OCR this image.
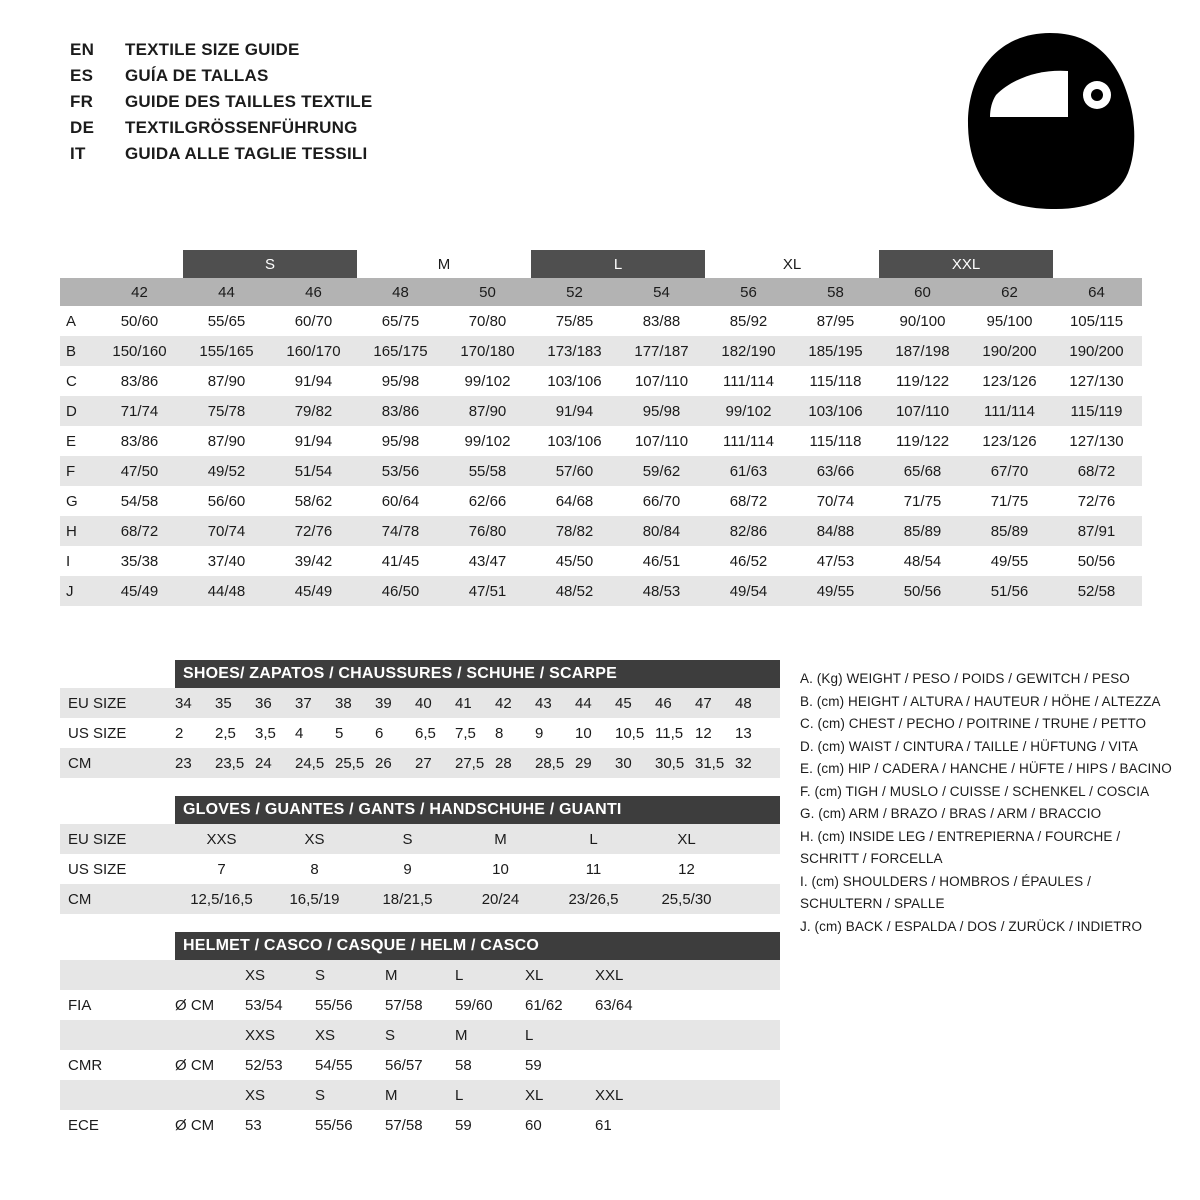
EN	TEXTILE SIZE GUIDE
ES	GUÍA DE TALLAS
FR	GUIDE DES TAILLES TEXTILE
DE	TEXTILGRÖSSENFÜHRUNG
IT	GUIDA ALLE TAGLIE TESSILI
S	M	L	XL	XXL
42	44	46	48	50	52	54	56	58	60	62	64
A	50/60	55/65	60/70	65/75	70/80	75/85	83/88	85/92	87/95	90/100	95/100	105/115
B	150/160	155/165	160/170	165/175	170/180	173/183	177/187	182/190	185/195	187/198	190/200	190/200
C	83/86	87/90	91/94	95/98	99/102	103/106	107/110	111/114	115/118	119/122	123/126	127/130
D	71/74	75/78	79/82	83/86	87/90	91/94	95/98	99/102	103/106	107/110	111/114	115/119
E	83/86	87/90	91/94	95/98	99/102	103/106	107/110	111/114	115/118	119/122	123/126	127/130
F	47/50	49/52	51/54	53/56	55/58	57/60	59/62	61/63	63/66	65/68	67/70	68/72
G	54/58	56/60	58/62	60/64	62/66	64/68	66/70	68/72	70/74	71/75	71/75	72/76
H	68/72	70/74	72/76	74/78	76/80	78/82	80/84	82/86	84/88	85/89	85/89	87/91
I	35/38	37/40	39/42	41/45	43/47	45/50	46/51	46/52	47/53	48/54	49/55	50/56
J	45/49	44/48	45/49	46/50	47/51	48/52	48/53	49/54	49/55	50/56	51/56	52/58
SHOES/ ZAPATOS / CHAUSSURES / SCHUHE / SCARPE
EU SIZE	34	35	36	37	38	39	40	41	42	43	44	45	46	47	48
US SIZE	2	2,5	3,5	4	5	6	6,5	7,5	8	9	10	10,5 11,5 12	13
CM	23	23,5 24	24,5 25,5 26	27	27,5 28	28,5 29	30	30,5 31,5 32
GLOVES / GUANTES / GANTS / HANDSCHUHE / GUANTI
EU SIZE	XXS	XS	S	M	L	XL
US SIZE	7	8	9	10	11	12
CM	12,5/16,5	16,5/19	18/21,5	20/24	23/26,5	25,5/30
HELMET / CASCO / CASQUE / HELM / CASCO
XS	S	M	L	XL	XXL
FIA	Ø CM	53/54	55/56	57/58	59/60	61/62	63/64
XXS	XS	S	M	L
CMR	Ø CM	52/53	54/55	56/57	58	59
XS	S	M	L	XL	XXL
ECE	Ø CM	53	55/56	57/58	59	60	61
A. (Kg) WEIGHT / PESO / POIDS / GEWITCH / PESO
B. (cm) HEIGHT / ALTURA / HAUTEUR / HÖHE / ALTEZZA
C. (cm) CHEST / PECHO / POITRINE / TRUHE / PETTO
D. (cm) WAIST / CINTURA / TAILLE / HÜFTUNG / VITA
E. (cm) HIP / CADERA / HANCHE / HÜFTE / HIPS / BACINO
F. (cm) TIGH / MUSLO / CUISSE / SCHENKEL / COSCIA
G. (cm) ARM / BRAZO / BRAS / ARM / BRACCIO
H. (cm) INSIDE LEG / ENTREPIERNA / FOURCHE /
SCHRITT / FORCELLA
I. (cm) SHOULDERS / HOMBROS / ÉPAULES /
SCHULTERN / SPALLE
J. (cm) BACK / ESPALDA / DOS / ZURÜCK / INDIETRO
